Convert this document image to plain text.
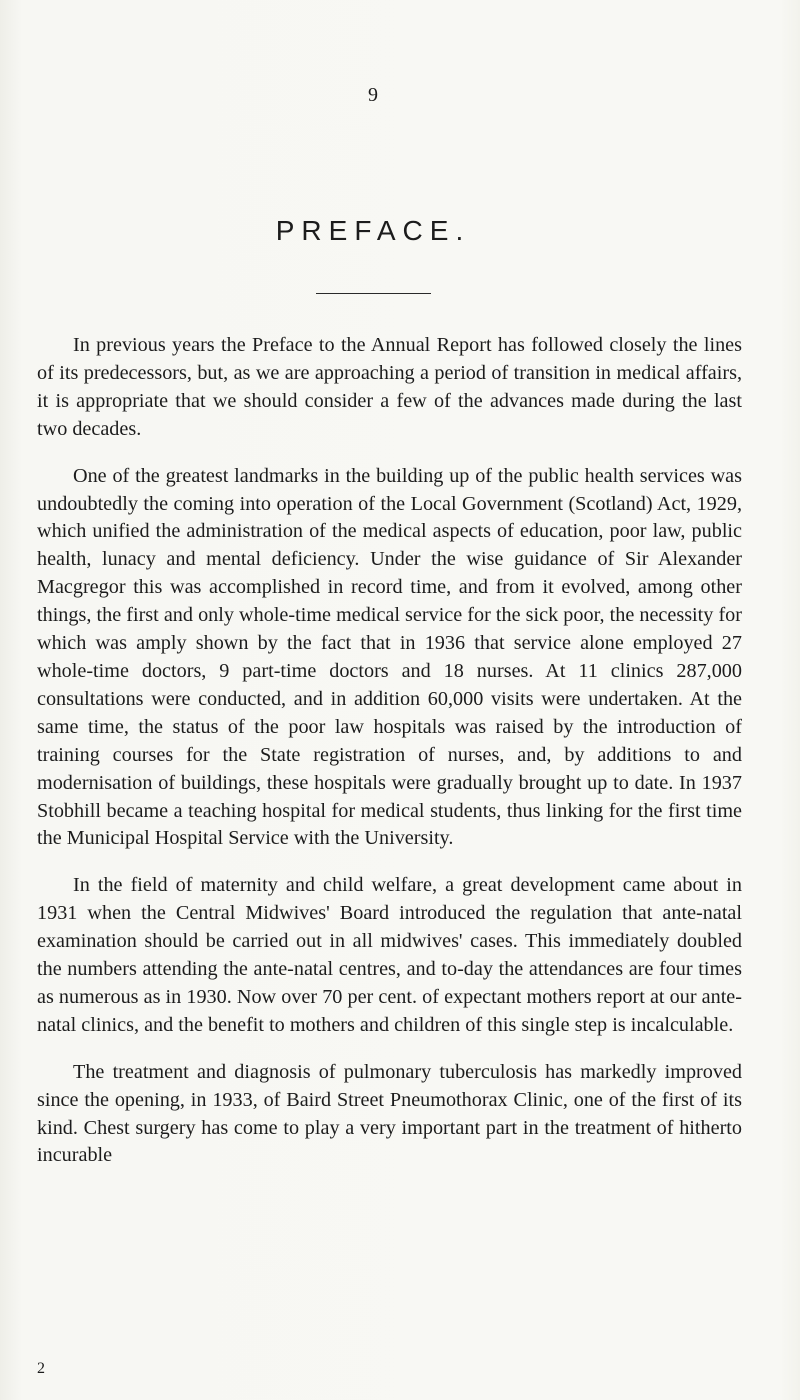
9
PREFACE.

In previous years the Preface to the Annual Report has followed closely the lines of its predecessors, but, as we are approaching a period of transition in medical affairs, it is appropriate that we should consider a few of the advances made during the last two decades.

One of the greatest landmarks in the building up of the public health services was undoubtedly the coming into operation of the Local Government (Scotland) Act, 1929, which unified the administration of the medical aspects of education, poor law, public health, lunacy and mental deficiency. Under the wise guidance of Sir Alexander Macgregor this was accomplished in record time, and from it evolved, among other things, the first and only whole-time medical service for the sick poor, the necessity for which was amply shown by the fact that in 1936 that service alone employed 27 whole-time doctors, 9 part-time doctors and 18 nurses. At 11 clinics 287,000 consultations were conducted, and in addition 60,000 visits were undertaken. At the same time, the status of the poor law hospitals was raised by the introduction of training courses for the State registration of nurses, and, by additions to and modernisation of buildings, these hospitals were gradually brought up to date. In 1937 Stobhill became a teaching hospital for medical students, thus linking for the first time the Municipal Hospital Service with the University.

In the field of maternity and child welfare, a great development came about in 1931 when the Central Midwives' Board introduced the regulation that ante-natal examination should be carried out in all midwives' cases. This immediately doubled the numbers attending the ante-natal centres, and to-day the attendances are four times as numerous as in 1930. Now over 70 per cent. of expectant mothers report at our ante-natal clinics, and the benefit to mothers and children of this single step is incalculable.

The treatment and diagnosis of pulmonary tuberculosis has markedly improved since the opening, in 1933, of Baird Street Pneumothorax Clinic, one of the first of its kind. Chest surgery has come to play a very important part in the treatment of hitherto incurable

2
